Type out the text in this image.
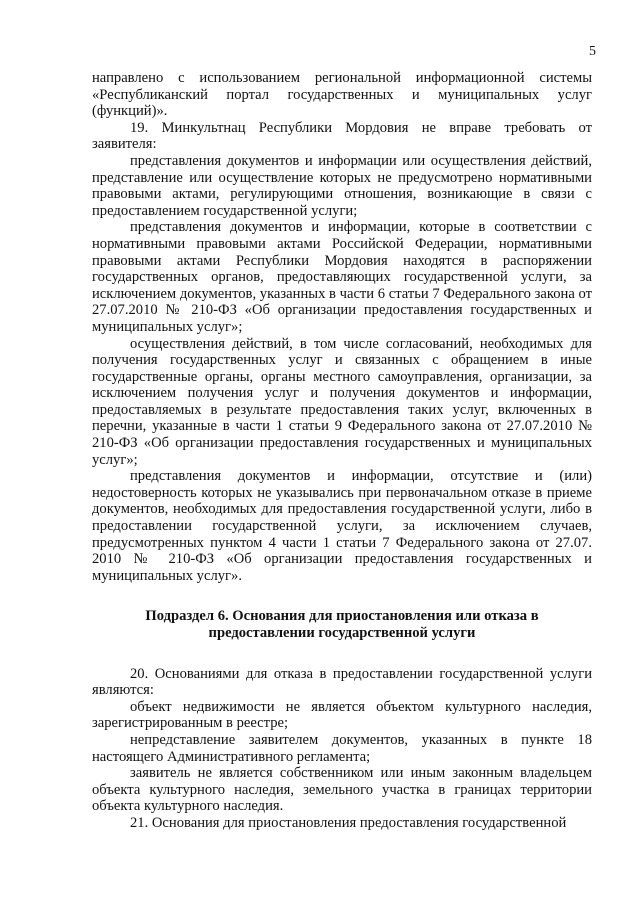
5

направлено с использованием региональной информационной системы «Республиканский портал государственных и муниципальных услуг (функций)».

19. Минкультнац Республики Мордовия не вправе требовать от заявителя:

представления документов и информации или осуществления действий, представление или осуществление которых не предусмотрено нормативными правовыми актами, регулирующими отношения, возникающие в связи с предоставлением государственной услуги;

представления документов и информации, которые в соответствии с нормативными правовыми актами Российской Федерации, нормативными правовыми актами Республики Мордовия находятся в распоряжении государственных органов, предоставляющих государственной услуги, за исключением документов, указанных в части 6 статьи 7 Федерального закона от 27.07.2010 № 210-ФЗ «Об организации предоставления государственных и муниципальных услуг»;

осуществления действий, в том числе согласований, необходимых для получения государственных услуг и связанных с обращением в иные государственные органы, органы местного самоуправления, организации, за исключением получения услуг и получения документов и информации, предоставляемых в результате предоставления таких услуг, включенных в перечни, указанные в части 1 статьи 9 Федерального закона от 27.07.2010 № 210-ФЗ «Об организации предоставления государственных и муниципальных услуг»;

представления документов и информации, отсутствие и (или) недостоверность которых не указывались при первоначальном отказе в приеме документов, необходимых для предоставления государственной услуги, либо в предоставлении государственной услуги, за исключением случаев, предусмотренных пунктом 4 части 1 статьи 7 Федерального закона от 27.07. 2010 № 210-ФЗ «Об организации предоставления государственных и муниципальных услуг».

Подраздел 6. Основания для приостановления или отказа в предоставлении государственной услуги

20. Основаниями для отказа в предоставлении государственной услуги являются:

объект недвижимости не является объектом культурного наследия, зарегистрированным в реестре;

непредставление заявителем документов, указанных в пункте 18 настоящего Административного регламента;

заявитель не является собственником или иным законным владельцем объекта культурного наследия, земельного участка в границах территории объекта культурного наследия.

21. Основания для приостановления предоставления государственной
